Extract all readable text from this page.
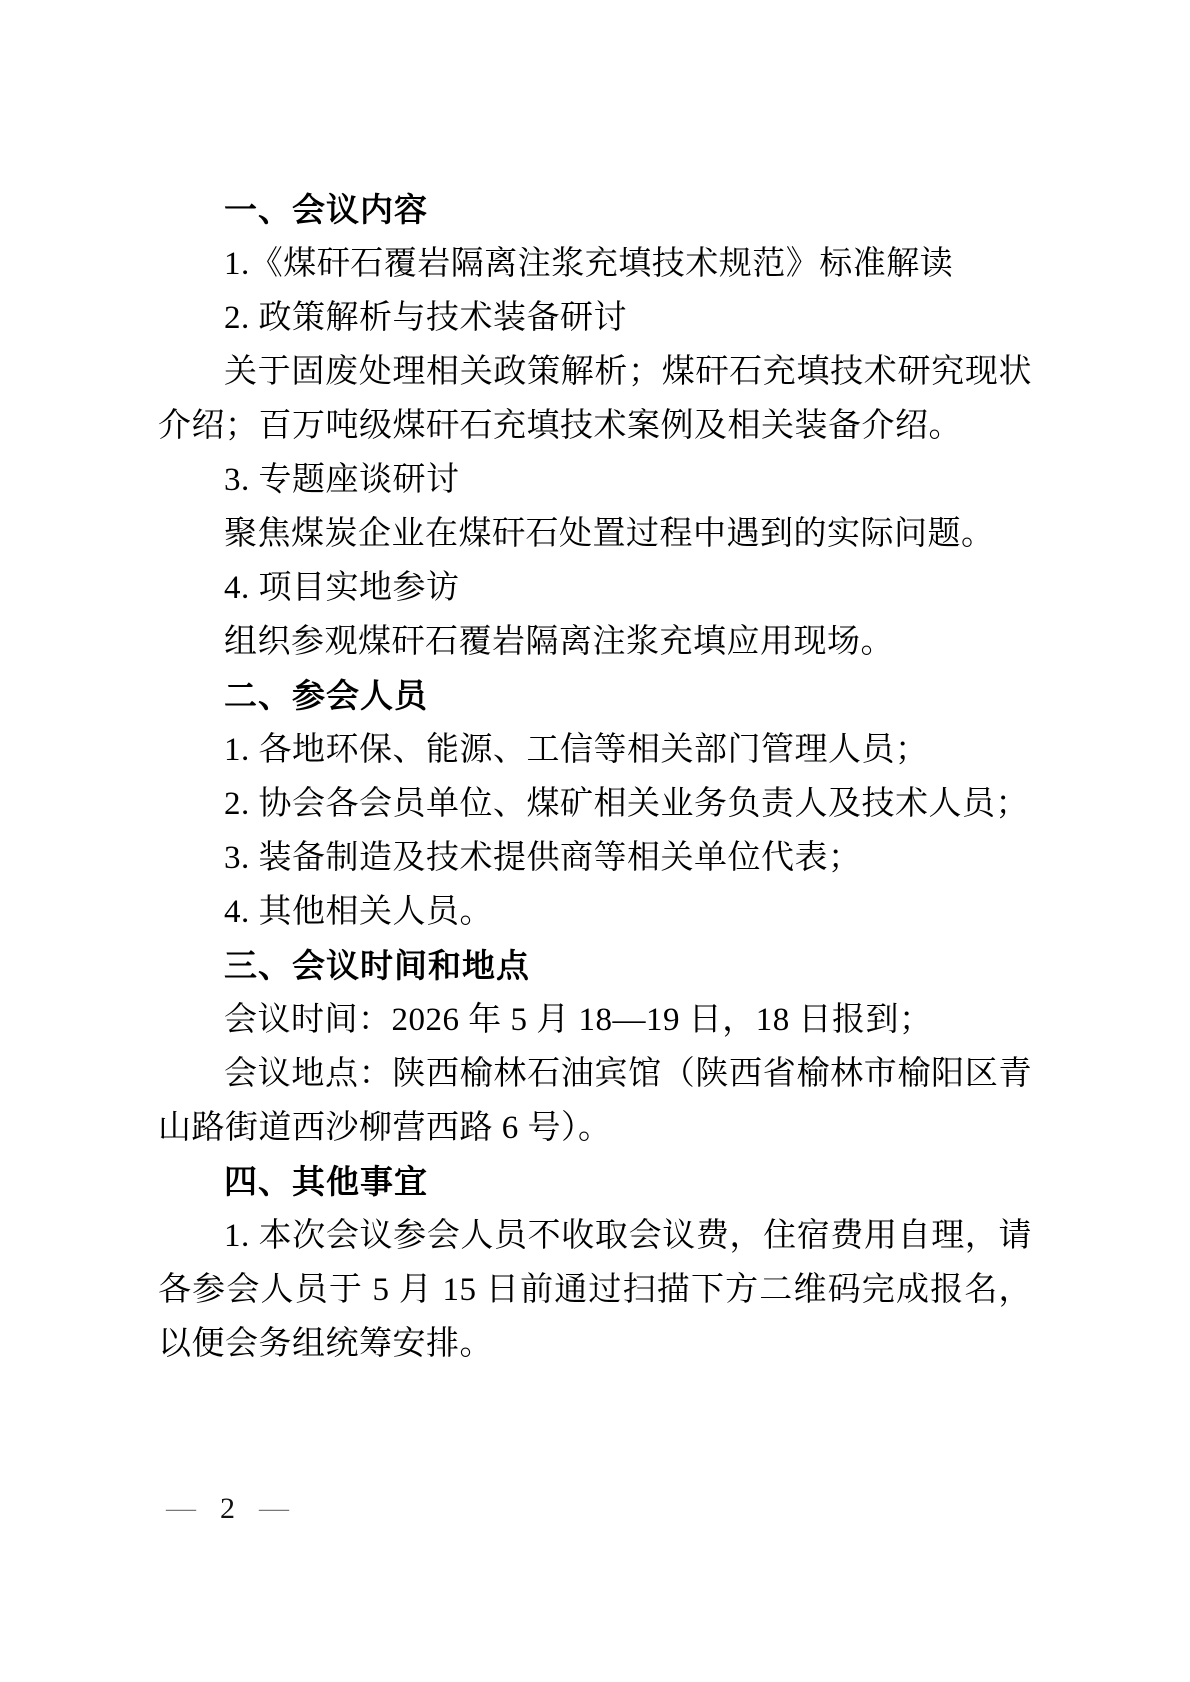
一、会议内容

1.《煤矸石覆岩隔离注浆充填技术规范》标准解读

2. 政策解析与技术装备研讨

关于固废处理相关政策解析；煤矸石充填技术研究现状介绍；百万吨级煤矸石充填技术案例及相关装备介绍。

3. 专题座谈研讨

聚焦煤炭企业在煤矸石处置过程中遇到的实际问题。

4. 项目实地参访

组织参观煤矸石覆岩隔离注浆充填应用现场。

二、参会人员

1. 各地环保、能源、工信等相关部门管理人员；

2. 协会各会员单位、煤矿相关业务负责人及技术人员；

3. 装备制造及技术提供商等相关单位代表；

4. 其他相关人员。

三、会议时间和地点

会议时间：2026 年 5 月 18—19 日，18 日报到；

会议地点：陕西榆林石油宾馆（陕西省榆林市榆阳区青山路街道西沙柳营西路 6 号）。

四、其他事宜

1. 本次会议参会人员不收取会议费，住宿费用自理，请各参会人员于 5 月 15 日前通过扫描下方二维码完成报名，以便会务组统筹安排。

— 2 —
